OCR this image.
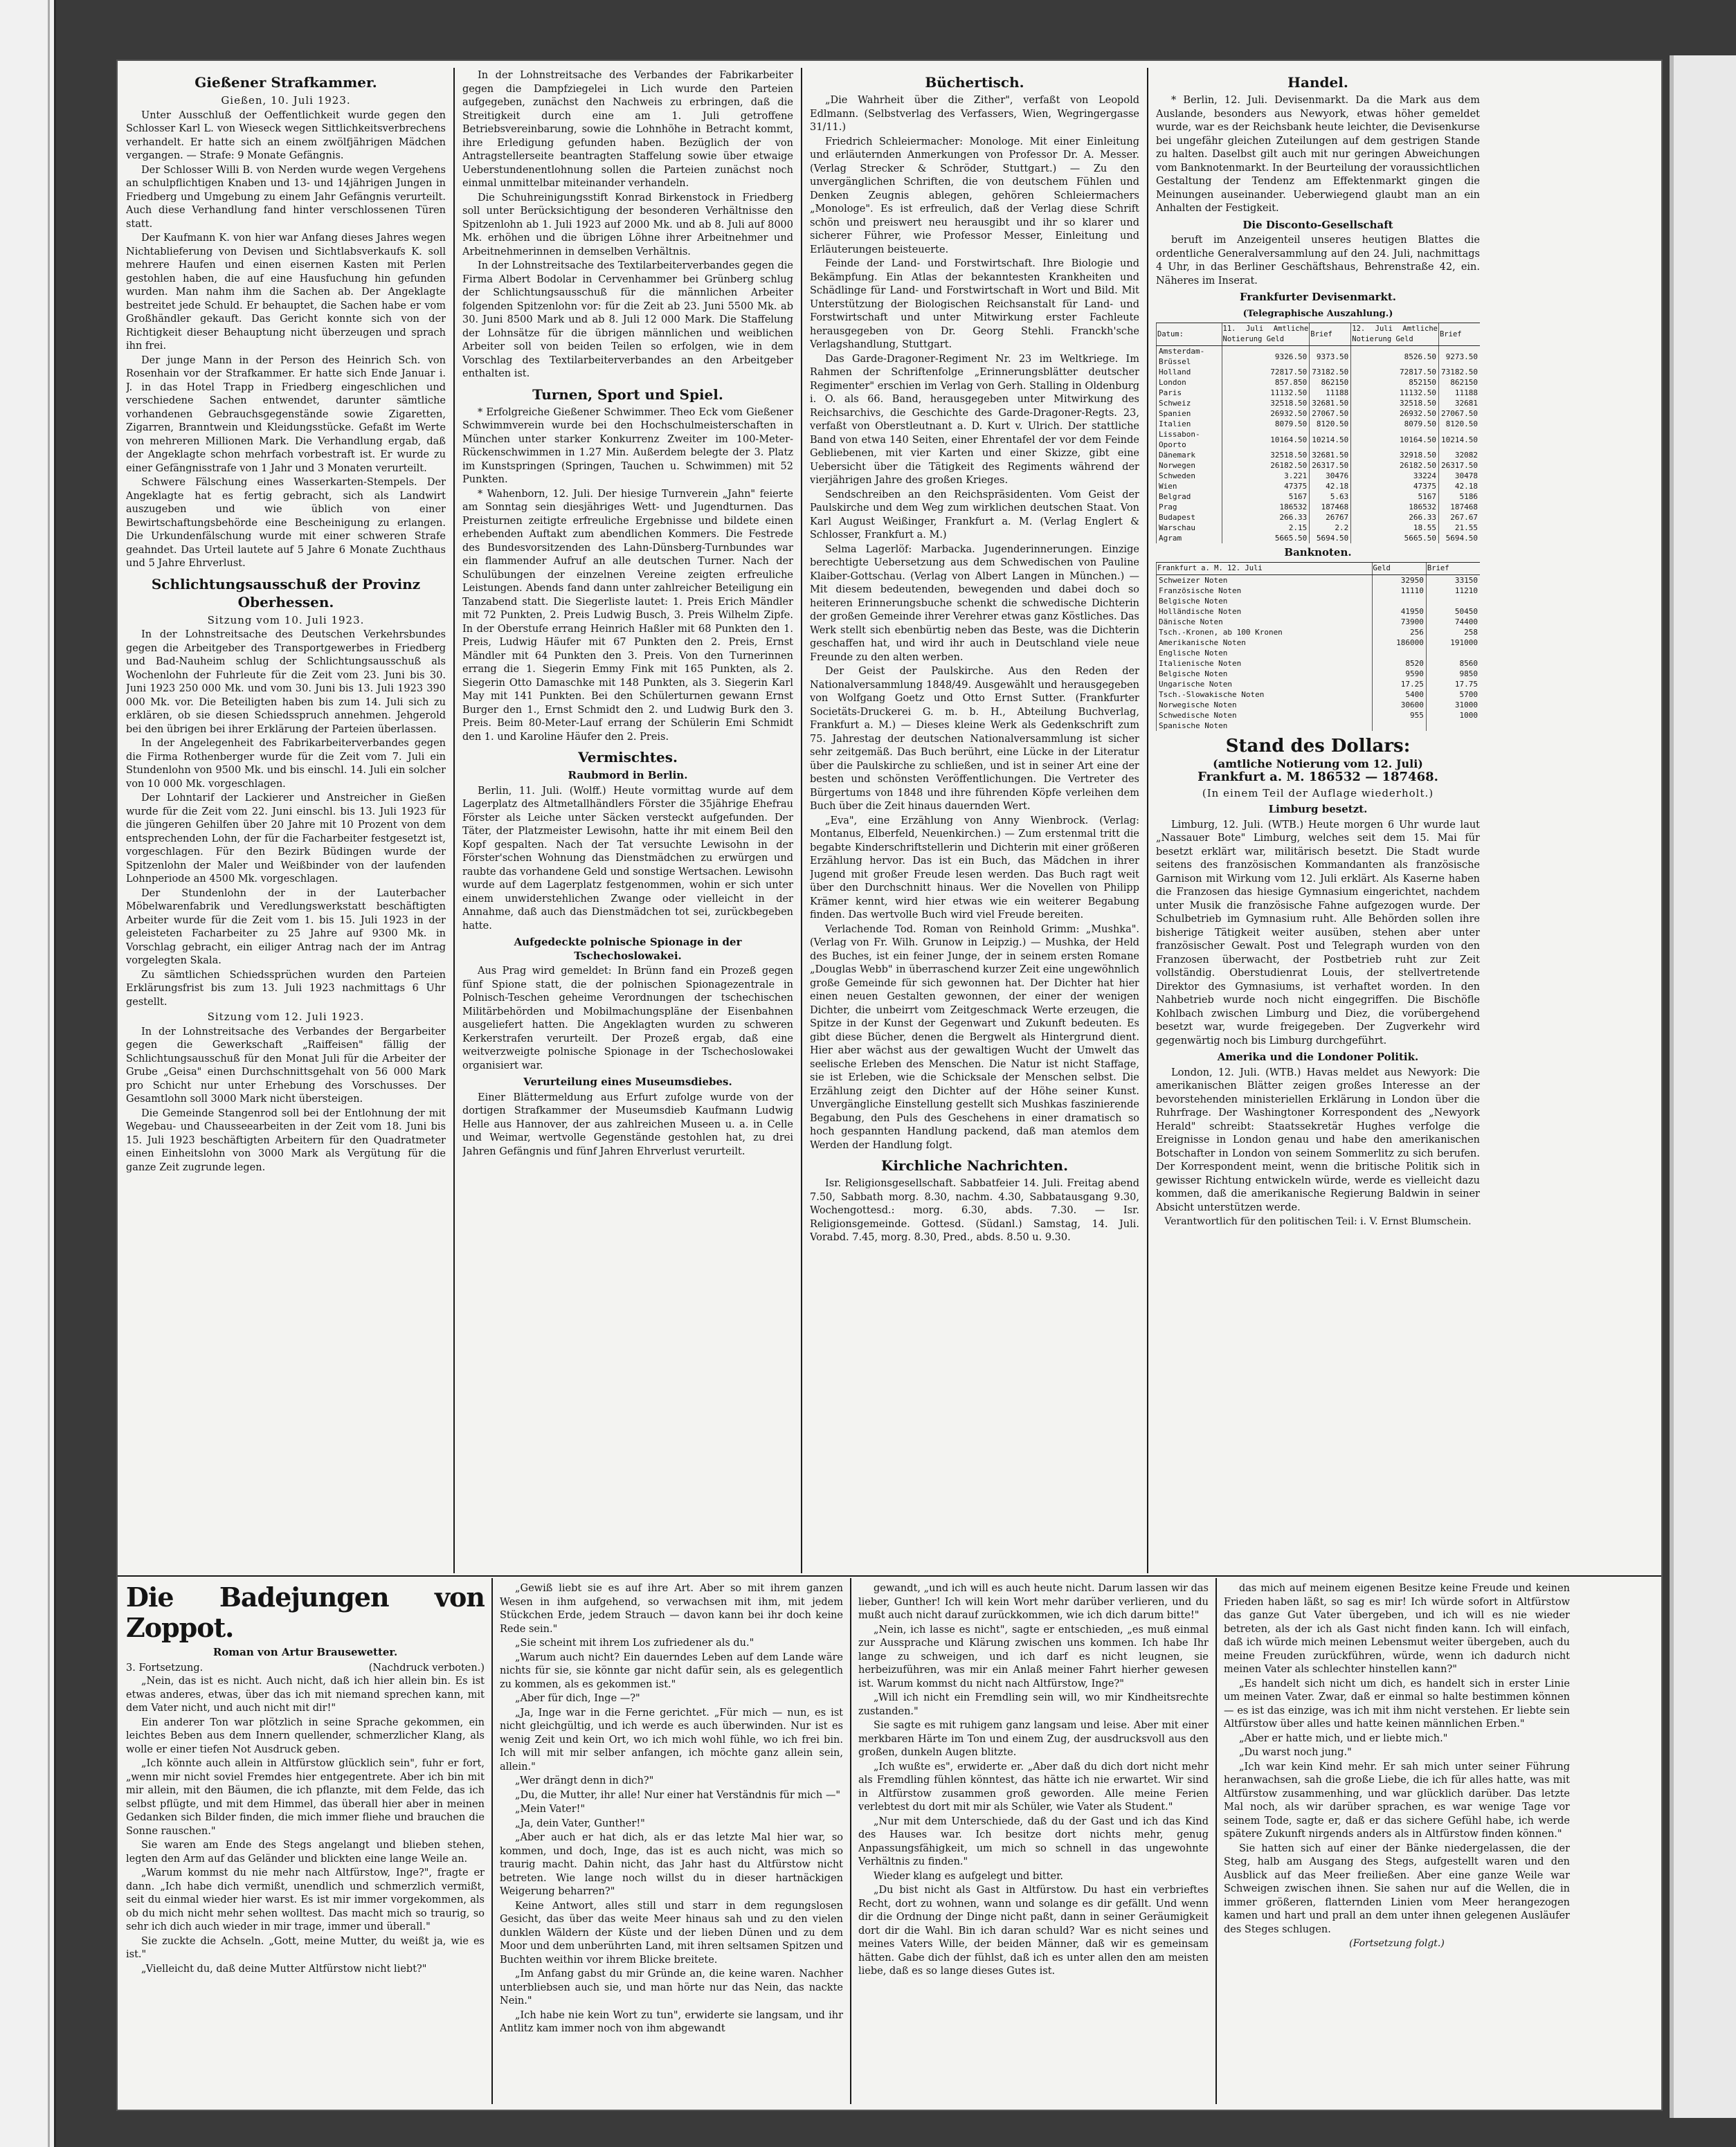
Gießener Strafkammer.
Gießen, 10. Juli 1923.

Unter Ausschluß der Oeffentlichkeit wurde gegen den Schlosser Karl L. von Wieseck wegen Sittlichkeitsverbrechens verhandelt. Er hatte sich an einem zwölfjährigen Mädchen vergangen. — Strafe: 9 Monate Gefängnis.

Der Schlosser Willi B. von Nerden wurde wegen Vergehens an schulpflichtigen Knaben und 13- und 14jährigen Jungen in Friedberg und Umgebung zu einem Jahr Gefängnis verurteilt. Auch diese Verhandlung fand hinter verschlossenen Türen statt.

Der Kaufmann K. von hier war Anfang dieses Jahres wegen Nichtablieferung von Devisen und Sichtlabsverkaufs K. soll mehrere Haufen und einen eisernen Kasten mit Perlen gestohlen haben, die auf eine Hausfuchung hin gefunden wurden. Man nahm ihm die Sachen ab. Der Angeklagte bestreitet jede Schuld. Er behauptet, die Sachen habe er vom Großhändler gekauft. Das Gericht konnte sich von der Richtigkeit dieser Behauptung nicht überzeugen und sprach ihn frei.

Der junge Mann in der Person des Heinrich Sch. von Rosenhain vor der Strafkammer. Er hatte sich Ende Januar i. J. in das Hotel Trapp in Friedberg eingeschlichen und verschiedene Sachen entwendet, darunter sämtliche vorhandenen Gebrauchsgegenstände sowie Zigaretten, Zigarren, Branntwein und Kleidungsstücke. Gefaßt im Werte von mehreren Millionen Mark. Die Verhandlung ergab, daß der Angeklagte schon mehrfach vorbestraft ist. Er wurde zu einer Gefängnisstrafe von 1 Jahr und 3 Monaten verurteilt.

Schwere Fälschung eines Wasserkarten-Stempels. Der Angeklagte hat es fertig gebracht, sich als Landwirt auszugeben und wie üblich von einer Bewirtschaftungsbehörde eine Bescheinigung zu erlangen. Die Urkundenfälschung wurde mit einer schweren Strafe geahndet. Das Urteil lautete auf 5 Jahre 6 Monate Zuchthaus und 5 Jahre Ehrverlust.

Schlichtungsausschuß der Provinz Oberhessen.
Sitzung vom 10. Juli 1923.

In der Lohnstreitsache des Deutschen Verkehrsbundes gegen die Arbeitgeber des Transportgewerbes in Friedberg und Bad-Nauheim schlug der Schlichtungsausschuß als Wochenlohn der Fuhrleute für die Zeit vom 23. Juni bis 30. Juni 1923 250 000 Mk. und vom 30. Juni bis 13. Juli 1923 390 000 Mk. vor. Die Beteiligten haben bis zum 14. Juli sich zu erklären, ob sie diesen Schiedsspruch annehmen. Jehgerold bei den übrigen bei ihrer Erklärung der Parteien überlassen.

In der Angelegenheit des Fabrikarbeiterverbandes gegen die Firma Rothenberger wurde für die Zeit vom 7. Juli ein Stundenlohn von 9500 Mk. und bis einschl. 14. Juli ein solcher von 10 000 Mk. vorgeschlagen.

Der Lohntarif der Lackierer und Anstreicher in Gießen wurde für die Zeit vom 22. Juni einschl. bis 13. Juli 1923 für die jüngeren Gehilfen über 20 Jahre mit 10 Prozent von dem entsprechenden Lohn, der für die Facharbeiter festgesetzt ist, vorgeschlagen. Für den Bezirk Büdingen wurde der Spitzenlohn der Maler und Weißbinder von der laufenden Lohnperiode an 4500 Mk. vorgeschlagen.

Der Stundenlohn der in der Lauterbacher Möbelwarenfabrik und Veredlungswerkstatt beschäftigten Arbeiter wurde für die Zeit vom 1. bis 15. Juli 1923 in der geleisteten Facharbeiter zu 25 Jahre auf 9300 Mk. in Vorschlag gebracht, ein eiliger Antrag nach der im Antrag vorgelegten Skala.

Zu sämtlichen Schiedssprüchen wurden den Parteien Erklärungsfrist bis zum 13. Juli 1923 nachmittags 6 Uhr gestellt.

Sitzung vom 12. Juli 1923.

In der Lohnstreitsache des Verbandes der Bergarbeiter gegen die Gewerkschaft „Raiffeisen" fällig der Schlichtungsausschuß für den Monat Juli für die Arbeiter der Grube „Geisa" einen Durchschnittsgehalt von 56 000 Mark pro Schicht nur unter Erhebung des Vorschusses. Der Gesamtlohn soll 3000 Mark nicht übersteigen.

Die Gemeinde Stangenrod soll bei der Entlohnung der mit Wegebau- und Chausseearbeiten in der Zeit vom 18. Juni bis 15. Juli 1923 beschäftigten Arbeitern für den Quadratmeter einen Einheitslohn von 3000 Mark als Vergütung für die ganze Zeit zugrunde legen.

In der Lohnstreitsache des Verbandes der Fabrikarbeiter gegen die Dampfziegelei in Lich wurde den Parteien aufgegeben, zunächst den Nachweis zu erbringen, daß die Streitigkeit durch eine am 1. Juli getroffene Betriebsvereinbarung, sowie die Lohnhöhe in Betracht kommt, ihre Erledigung gefunden haben. Bezüglich der von Antragstellerseite beantragten Staffelung sowie über etwaige Ueberstundenentlohnung sollen die Parteien zunächst noch einmal unmittelbar miteinander verhandeln.

Die Schuhreinigungsstift Konrad Birkenstock in Friedberg soll unter Berücksichtigung der besonderen Verhältnisse den Spitzenlohn ab 1. Juli 1923 auf 2000 Mk. und ab 8. Juli auf 8000 Mk. erhöhen und die übrigen Löhne ihrer Arbeitnehmer und Arbeitnehmerinnen in demselben Verhältnis.

In der Lohnstreitsache des Textilarbeiterverbandes gegen die Firma Albert Bodolar in Cervenhammer bei Grünberg schlug der Schlichtungsausschuß für die männlichen Arbeiter folgenden Spitzenlohn vor: für die Zeit ab 23. Juni 5500 Mk. ab 30. Juni 8500 Mark und ab 8. Juli 12 000 Mark. Die Staffelung der Lohnsätze für die übrigen männlichen und weiblichen Arbeiter soll von beiden Teilen so erfolgen, wie in dem Vorschlag des Textilarbeiterverbandes an den Arbeitgeber enthalten ist.

Turnen, Sport und Spiel.

* Erfolgreiche Gießener Schwimmer. Theo Eck vom Gießener Schwimmverein wurde bei den Hochschulmeisterschaften in München unter starker Konkurrenz Zweiter im 100-Meter-Rückenschwimmen in 1.27 Min. Außerdem belegte der 3. Platz im Kunstspringen (Springen, Tauchen u. Schwimmen) mit 52 Punkten.

* Wahenborn, 12. Juli. Der hiesige Turnverein „Jahn" feierte am Sonntag sein diesjähriges Wett- und Jugendturnen. Das Preisturnen zeitigte erfreuliche Ergebnisse und bildete einen erhebenden Auftakt zum abendlichen Kommers. Die Festrede des Bundesvorsitzenden des Lahn-Dünsberg-Turnbundes war ein flammender Aufruf an alle deutschen Turner. Nach der Schulübungen der einzelnen Vereine zeigten erfreuliche Leistungen. Abends fand dann unter zahlreicher Beteiligung ein Tanzabend statt. Die Siegerliste lautet: 1. Preis Erich Mändler mit 72 Punkten, 2. Preis Ludwig Busch, 3. Preis Wilhelm Zipfe. In der Oberstufe errang Heinrich Haßler mit 68 Punkten den 1. Preis, Ludwig Häufer mit 67 Punkten den 2. Preis, Ernst Mändler mit 64 Punkten den 3. Preis. Von den Turnerinnen errang die 1. Siegerin Emmy Fink mit 165 Punkten, als 2. Siegerin Otto Damaschke mit 148 Punkten, als 3. Siegerin Karl May mit 141 Punkten. Bei den Schülerturnen gewann Ernst Burger den 1., Ernst Schmidt den 2. und Ludwig Burk den 3. Preis. Beim 80-Meter-Lauf errang der Schülerin Emi Schmidt den 1. und Karoline Häufer den 2. Preis.

Vermischtes.
Raubmord in Berlin.

Berlin, 11. Juli. (Wolff.) Heute vormittag wurde auf dem Lagerplatz des Altmetallhändlers Förster die 35jährige Ehefrau Förster als Leiche unter Säcken versteckt aufgefunden. Der Täter, der Platzmeister Lewisohn, hatte ihr mit einem Beil den Kopf gespalten. Nach der Tat versuchte Lewisohn in der Förster'schen Wohnung das Dienstmädchen zu erwürgen und raubte das vorhandene Geld und sonstige Wertsachen. Lewisohn wurde auf dem Lagerplatz festgenommen, wohin er sich unter einem unwiderstehlichen Zwange oder vielleicht in der Annahme, daß auch das Dienstmädchen tot sei, zurückbegeben hatte.

Aufgedeckte polnische Spionage in der Tschechoslowakei.

Aus Prag wird gemeldet: In Brünn fand ein Prozeß gegen fünf Spione statt, die der polnischen Spionagezentrale in Polnisch-Teschen geheime Verordnungen der tschechischen Militärbehörden und Mobilmachungspläne der Eisenbahnen ausgeliefert hatten. Die Angeklagten wurden zu schweren Kerkerstrafen verurteilt. Der Prozeß ergab, daß eine weitverzweigte polnische Spionage in der Tschechoslowakei organisiert war.

Verurteilung eines Museumsdiebes.

Einer Blättermeldung aus Erfurt zufolge wurde von der dortigen Strafkammer der Museumsdieb Kaufmann Ludwig Helle aus Hannover, der aus zahlreichen Museen u. a. in Celle und Weimar, wertvolle Gegenstände gestohlen hat, zu drei Jahren Gefängnis und fünf Jahren Ehrverlust verurteilt.

Büchertisch.

„Die Wahrheit über die Zither", verfaßt von Leopold Edlmann. (Selbstverlag des Verfassers, Wien, Wegringergasse 31/11.)

Friedrich Schleiermacher: Monologe. Mit einer Einleitung und erläuternden Anmerkungen von Professor Dr. A. Messer. (Verlag Strecker & Schröder, Stuttgart.) — Zu den unvergänglichen Schriften, die von deutschem Fühlen und Denken Zeugnis ablegen, gehören Schleiermachers „Monologe". Es ist erfreulich, daß der Verlag diese Schrift schön und preiswert neu herausgibt und ihr so klarer und sicherer Führer, wie Professor Messer, Einleitung und Erläuterungen beisteuerte.

Feinde der Land- und Forstwirtschaft. Ihre Biologie und Bekämpfung. Ein Atlas der bekanntesten Krankheiten und Schädlinge für Land- und Forstwirtschaft in Wort und Bild. Mit Unterstützung der Biologischen Reichsanstalt für Land- und Forstwirtschaft und unter Mitwirkung erster Fachleute herausgegeben von Dr. Georg Stehli. Franckh'sche Verlagshandlung, Stuttgart.

Das Garde-Dragoner-Regiment Nr. 23 im Weltkriege. Im Rahmen der Schriftenfolge „Erinnerungsblätter deutscher Regimenter" erschien im Verlag von Gerh. Stalling in Oldenburg i. O. als 66. Band, herausgegeben unter Mitwirkung des Reichsarchivs, die Geschichte des Garde-Dragoner-Regts. 23, verfaßt von Oberstleutnant a. D. Kurt v. Ulrich. Der stattliche Band von etwa 140 Seiten, einer Ehrentafel der vor dem Feinde Gebliebenen, mit vier Karten und einer Skizze, gibt eine Uebersicht über die Tätigkeit des Regiments während der vierjährigen Jahre des großen Krieges.

Sendschreiben an den Reichspräsidenten. Vom Geist der Paulskirche und dem Weg zum wirklichen deutschen Staat. Von Karl August Weißinger, Frankfurt a. M. (Verlag Englert & Schlosser, Frankfurt a. M.)

Selma Lagerlöf: Marbacka. Jugenderinnerungen. Einzige berechtigte Uebersetzung aus dem Schwedischen von Pauline Klaiber-Gottschau. (Verlag von Albert Langen in München.) — Mit diesem bedeutenden, bewegenden und dabei doch so heiteren Erinnerungsbuche schenkt die schwedische Dichterin der großen Gemeinde ihrer Verehrer etwas ganz Köstliches. Das Werk stellt sich ebenbürtig neben das Beste, was die Dichterin geschaffen hat, und wird ihr auch in Deutschland viele neue Freunde zu den alten werben.

Der Geist der Paulskirche. Aus den Reden der Nationalversammlung 1848/49. Ausgewählt und herausgegeben von Wolfgang Goetz und Otto Ernst Sutter. (Frankfurter Societäts-Druckerei G. m. b. H., Abteilung Buchverlag, Frankfurt a. M.) — Dieses kleine Werk als Gedenkschrift zum 75. Jahrestag der deutschen Nationalversammlung ist sicher sehr zeitgemäß. Das Buch berührt, eine Lücke in der Literatur über die Paulskirche zu schließen, und ist in seiner Art eine der besten und schönsten Veröffentlichungen. Die Vertreter des Bürgertums von 1848 und ihre führenden Köpfe verleihen dem Buch über die Zeit hinaus dauernden Wert.

„Eva", eine Erzählung von Anny Wienbrock. (Verlag: Montanus, Elberfeld, Neuenkirchen.) — Zum erstenmal tritt die begabte Kinderschriftstellerin und Dichterin mit einer größeren Erzählung hervor. Das ist ein Buch, das Mädchen in ihrer Jugend mit großer Freude lesen werden. Das Buch ragt weit über den Durchschnitt hinaus. Wer die Novellen von Philipp Krämer kennt, wird hier etwas wie ein weiterer Begabung finden. Das wertvolle Buch wird viel Freude bereiten.

Verlachende Tod. Roman von Reinhold Grimm: „Mushka". (Verlag von Fr. Wilh. Grunow in Leipzig.) — Mushka, der Held des Buches, ist ein feiner Junge, der in seinem ersten Romane „Douglas Webb" in überraschend kurzer Zeit eine ungewöhnlich große Gemeinde für sich gewonnen hat. Der Dichter hat hier einen neuen Gestalten gewonnen, der einer der wenigen Dichter, die unbeirrt vom Zeitgeschmack Werte erzeugen, die Spitze in der Kunst der Gegenwart und Zukunft bedeuten. Es gibt diese Bücher, denen die Bergwelt als Hintergrund dient. Hier aber wächst aus der gewaltigen Wucht der Umwelt das seelische Erleben des Menschen. Die Natur ist nicht Staffage, sie ist Erleben, wie die Schicksale der Menschen selbst. Die Erzählung zeigt den Dichter auf der Höhe seiner Kunst. Unvergängliche Einstellung gestellt sich Mushkas faszinierende Begabung, den Puls des Geschehens in einer dramatisch so hoch gespannten Handlung packend, daß man atemlos dem Werden der Handlung folgt.

Kirchliche Nachrichten.

Isr. Religionsgesellschaft. Sabbatfeier 14. Juli. Freitag abend 7.50, Sabbath morg. 8.30, nachm. 4.30, Sabbatausgang 9.30, Wochengottesd.: morg. 6.30, abds. 7.30. — Isr. Religionsgemeinde. Gottesd. (Südanl.) Samstag, 14. Juli. Vorabd. 7.45, morg. 8.30, Pred., abds. 8.50 u. 9.30.

Handel.

* Berlin, 12. Juli. Devisenmarkt. Da die Mark aus dem Auslande, besonders aus Newyork, etwas höher gemeldet wurde, war es der Reichsbank heute leichter, die Devisenkurse bei ungefähr gleichen Zuteilungen auf dem gestrigen Stande zu halten. Daselbst gilt auch mit nur geringen Abweichungen vom Banknotenmarkt. In der Beurteilung der voraussichtlichen Gestaltung der Tendenz am Effektenmarkt gingen die Meinungen auseinander. Ueberwiegend glaubt man an ein Anhalten der Festigkeit.

Die Disconto-Gesellschaft

beruft im Anzeigenteil unseres heutigen Blattes die ordentliche Generalversammlung auf den 24. Juli, nachmittags 4 Uhr, in das Berliner Geschäftshaus, Behrenstraße 42, ein. Näheres im Inserat.

Frankfurter Devisenmarkt.
(Telegraphische Auszahlung.)
Datum:	11. Juli Amtliche Notierung Geld	Brief	12. Juli Amtliche Notierung Geld	Brief
Amsterdam-Brüssel	9326.50	9373.50	8526.50	9273.50
Holland	72817.50	73182.50	72817.50	73182.50
London	857.850	862150	852150	862150
Paris	11132.50	11188	11132.50	11188
Schweiz	32518.50	32681.50	32518.50	32681
Spanien	26932.50	27067.50	26932.50	27067.50
Italien	8079.50	8120.50	8079.50	8120.50
Lissabon-Oporto	10164.50	10214.50	10164.50	10214.50
Dänemark	32518.50	32681.50	32918.50	32082
Norwegen	26182.50	26317.50	26182.50	26317.50
Schweden	3.221	30476	33224	30478
Wien	47375	42.18	47375	42.18
Belgrad	5167	5.63	5167	5186
Prag	186532	187468	186532	187468
Budapest	266.33	26767	266.33	267.67
Warschau	2.15	2.2	18.55	21.55
Agram	5665.50	5694.50	5665.50	5694.50
Banknoten.
Frankfurt a. M. 12. Juli	Geld	Brief
Schweizer Noten	32950	33150
Französische Noten	11110	11210
Belgische Noten		
Holländische Noten	41950	50450
Dänische Noten	73900	74400
Tsch.-Kronen, ab 100 Kronen	256	258
Amerikanische Noten	186000	191000
Englische Noten		
Italienische Noten	8520	8560
Belgische Noten	9590	9850
Ungarische Noten	17.25	17.75
Tsch.-Slowakische Noten	5400	5700
Norwegische Noten	30600	31000
Schwedische Noten	955	1000
Spanische Noten		
Stand des Dollars:
(amtliche Notierung vom 12. Juli)
Frankfurt a. M. 186532 — 187468.
(In einem Teil der Auflage wiederholt.)
Limburg besetzt.

Limburg, 12. Juli. (WTB.) Heute morgen 6 Uhr wurde laut „Nassauer Bote" Limburg, welches seit dem 15. Mai für besetzt erklärt war, militärisch besetzt. Die Stadt wurde seitens des französischen Kommandanten als französische Garnison mit Wirkung vom 12. Juli erklärt. Als Kaserne haben die Franzosen das hiesige Gymnasium eingerichtet, nachdem unter Musik die französische Fahne aufgezogen wurde. Der Schulbetrieb im Gymnasium ruht. Alle Behörden sollen ihre bisherige Tätigkeit weiter ausüben, stehen aber unter französischer Gewalt. Post und Telegraph wurden von den Franzosen überwacht, der Postbetrieb ruht zur Zeit vollständig. Oberstudienrat Louis, der stellvertretende Direktor des Gymnasiums, ist verhaftet worden. In den Nahbetrieb wurde noch nicht eingegriffen. Die Bischöfle Kohlbach zwischen Limburg und Diez, die vorübergehend besetzt war, wurde freigegeben. Der Zugverkehr wird gegenwärtig noch bis Limburg durchgeführt.

Amerika und die Londoner Politik.

London, 12. Juli. (WTB.) Havas meldet aus Newyork: Die amerikanischen Blätter zeigen großes Interesse an der bevorstehenden ministeriellen Erklärung in London über die Ruhrfrage. Der Washingtoner Korrespondent des „Newyork Herald" schreibt: Staatssekretär Hughes verfolge die Ereignisse in London genau und habe den amerikanischen Botschafter in London von seinem Sommerlitz zu sich berufen. Der Korrespondent meint, wenn die britische Politik sich in gewisser Richtung entwickeln würde, werde es vielleicht dazu kommen, daß die amerikanische Regierung Baldwin in seiner Absicht unterstützen werde.

Verantwortlich für den politischen Teil: i. V. Ernst Blumschein.
Die Badejungen von Zoppot.
Roman von Artur Brausewetter.
3. Fortsetzung.	(Nachdruck verboten.)

„Nein, das ist es nicht. Auch nicht, daß ich hier allein bin. Es ist etwas anderes, etwas, über das ich mit niemand sprechen kann, mit dem Vater nicht, und auch nicht mit dir!"

Ein anderer Ton war plötzlich in seine Sprache gekommen, ein leichtes Beben aus dem Innern quellender, schmerzlicher Klang, als wolle er einer tiefen Not Ausdruck geben.

„Ich könnte auch allein in Altfürstow glücklich sein", fuhr er fort, „wenn mir nicht soviel Fremdes hier entgegentrete. Aber ich bin mit mir allein, mit den Bäumen, die ich pflanzte, mit dem Felde, das ich selbst pflügte, und mit dem Himmel, das überall hier aber in meinen Gedanken sich Bilder finden, die mich immer fliehe und brauchen die Sonne rauschen."

Sie waren am Ende des Stegs angelangt und blieben stehen, legten den Arm auf das Geländer und blickten eine lange Weile an.

„Warum kommst du nie mehr nach Altfürstow, Inge?", fragte er dann. „Ich habe dich vermißt, unendlich und schmerzlich vermißt, seit du einmal wieder hier warst. Es ist mir immer vorgekommen, als ob du mich nicht mehr sehen wolltest. Das macht mich so traurig, so sehr ich dich auch wieder in mir trage, immer und überall."

Sie zuckte die Achseln. „Gott, meine Mutter, du weißt ja, wie es ist."

„Vielleicht du, daß deine Mutter Altfürstow nicht liebt?"

„Gewiß liebt sie es auf ihre Art. Aber so mit ihrem ganzen Wesen in ihm aufgehend, so verwachsen mit ihm, mit jedem Stückchen Erde, jedem Strauch — davon kann bei ihr doch keine Rede sein."

„Sie scheint mit ihrem Los zufriedener als du."

„Warum auch nicht? Ein dauerndes Leben auf dem Lande wäre nichts für sie, sie könnte gar nicht dafür sein, als es gelegentlich zu kommen, als es gekommen ist."

„Aber für dich, Inge —?"

„Ja, Inge war in die Ferne gerichtet. „Für mich — nun, es ist nicht gleichgültig, und ich werde es auch überwinden. Nur ist es wenig Zeit und kein Ort, wo ich mich wohl fühle, wo ich frei bin. Ich will mit mir selber anfangen, ich möchte ganz allein sein, allein."

„Wer drängt denn in dich?"

„Du, die Mutter, ihr alle! Nur einer hat Verständnis für mich —"

„Mein Vater!"

„Ja, dein Vater, Gunther!"

„Aber auch er hat dich, als er das letzte Mal hier war, so kommen, und doch, Inge, das ist es auch nicht, was mich so traurig macht. Dahin nicht, das Jahr hast du Altfürstow nicht betreten. Wie lange noch willst du in dieser hartnäckigen Weigerung beharren?"

Keine Antwort, alles still und starr in dem regungslosen Gesicht, das über das weite Meer hinaus sah und zu den vielen dunklen Wäldern der Küste und der lieben Dünen und zu dem Moor und dem unberührten Land, mit ihren seltsamen Spitzen und Buchten weithin vor ihrem Blicke breitete.

„Im Anfang gabst du mir Gründe an, die keine waren. Nachher unterbliebsen auch sie, und man hörte nur das Nein, das nackte Nein."

„Ich habe nie kein Wort zu tun", erwiderte sie langsam, und ihr Antlitz kam immer noch von ihm abgewandt

gewandt, „und ich will es auch heute nicht. Darum lassen wir das lieber, Gunther! Ich will kein Wort mehr darüber verlieren, und du mußt auch nicht darauf zurückkommen, wie ich dich darum bitte!"

„Nein, ich lasse es nicht", sagte er entschieden, „es muß einmal zur Aussprache und Klärung zwischen uns kommen. Ich habe Ihr lange zu schweigen, und ich darf es nicht leugnen, sie herbeizuführen, was mir ein Anlaß meiner Fahrt hierher gewesen ist. Warum kommst du nicht nach Altfürstow, Inge?"

„Will ich nicht ein Fremdling sein will, wo mir Kindheitsrechte zustanden."

Sie sagte es mit ruhigem ganz langsam und leise. Aber mit einer merkbaren Härte im Ton und einem Zug, der ausdrucksvoll aus den großen, dunkeln Augen blitzte.

„Ich wußte es", erwiderte er. „Aber daß du dich dort nicht mehr als Fremdling fühlen könntest, das hätte ich nie erwartet. Wir sind in Altfürstow zusammen groß geworden. Alle meine Ferien verlebtest du dort mit mir als Schüler, wie Vater als Student."

„Nur mit dem Unterschiede, daß du der Gast und ich das Kind des Hauses war. Ich besitze dort nichts mehr, genug Anpassungsfähigkeit, um mich so schnell in das ungewohnte Verhältnis zu finden."

Wieder klang es aufgelegt und bitter.

„Du bist nicht als Gast in Altfürstow. Du hast ein verbrieftes Recht, dort zu wohnen, wann und solange es dir gefällt. Und wenn dir die Ordnung der Dinge nicht paßt, dann in seiner Geräumigkeit dort dir die Wahl. Bin ich daran schuld? War es nicht seines und meines Vaters Wille, der beiden Männer, daß wir es gemeinsam hätten. Gabe dich der fühlst, daß ich es unter allen den am meisten liebe, daß es so lange dieses Gutes ist.

das mich auf meinem eigenen Besitze keine Freude und keinen Frieden haben läßt, so sag es mir! Ich würde sofort in Altfürstow das ganze Gut Vater übergeben, und ich will es nie wieder betreten, als der ich als Gast nicht finden kann. Ich will einfach, daß ich würde mich meinen Lebensmut weiter übergeben, auch du meine Freuden zurückführen, würde, wenn ich dadurch nicht meinen Vater als schlechter hinstellen kann?"

„Es handelt sich nicht um dich, es handelt sich in erster Linie um meinen Vater. Zwar, daß er einmal so halte bestimmen können — es ist das einzige, was ich mit ihm nicht verstehen. Er liebte sein Altfürstow über alles und hatte keinen männlichen Erben."

„Aber er hatte mich, und er liebte mich."

„Du warst noch jung."

„Ich war kein Kind mehr. Er sah mich unter seiner Führung heranwachsen, sah die große Liebe, die ich für alles hatte, was mit Altfürstow zusammenhing, und war glücklich darüber. Das letzte Mal noch, als wir darüber sprachen, es war wenige Tage vor seinem Tode, sagte er, daß er das sichere Gefühl habe, ich werde spätere Zukunft nirgends anders als in Altfürstow finden können."

Sie hatten sich auf einer der Bänke niedergelassen, die der Steg, halb am Ausgang des Stegs, aufgestellt waren und den Ausblick auf das Meer freiließen. Aber eine ganze Weile war Schweigen zwischen ihnen. Sie sahen nur auf die Wellen, die in immer größeren, flatternden Linien vom Meer herangezogen kamen und hart und prall an dem unter ihnen gelegenen Ausläufer des Steges schlugen.

(Fortsetzung folgt.)
